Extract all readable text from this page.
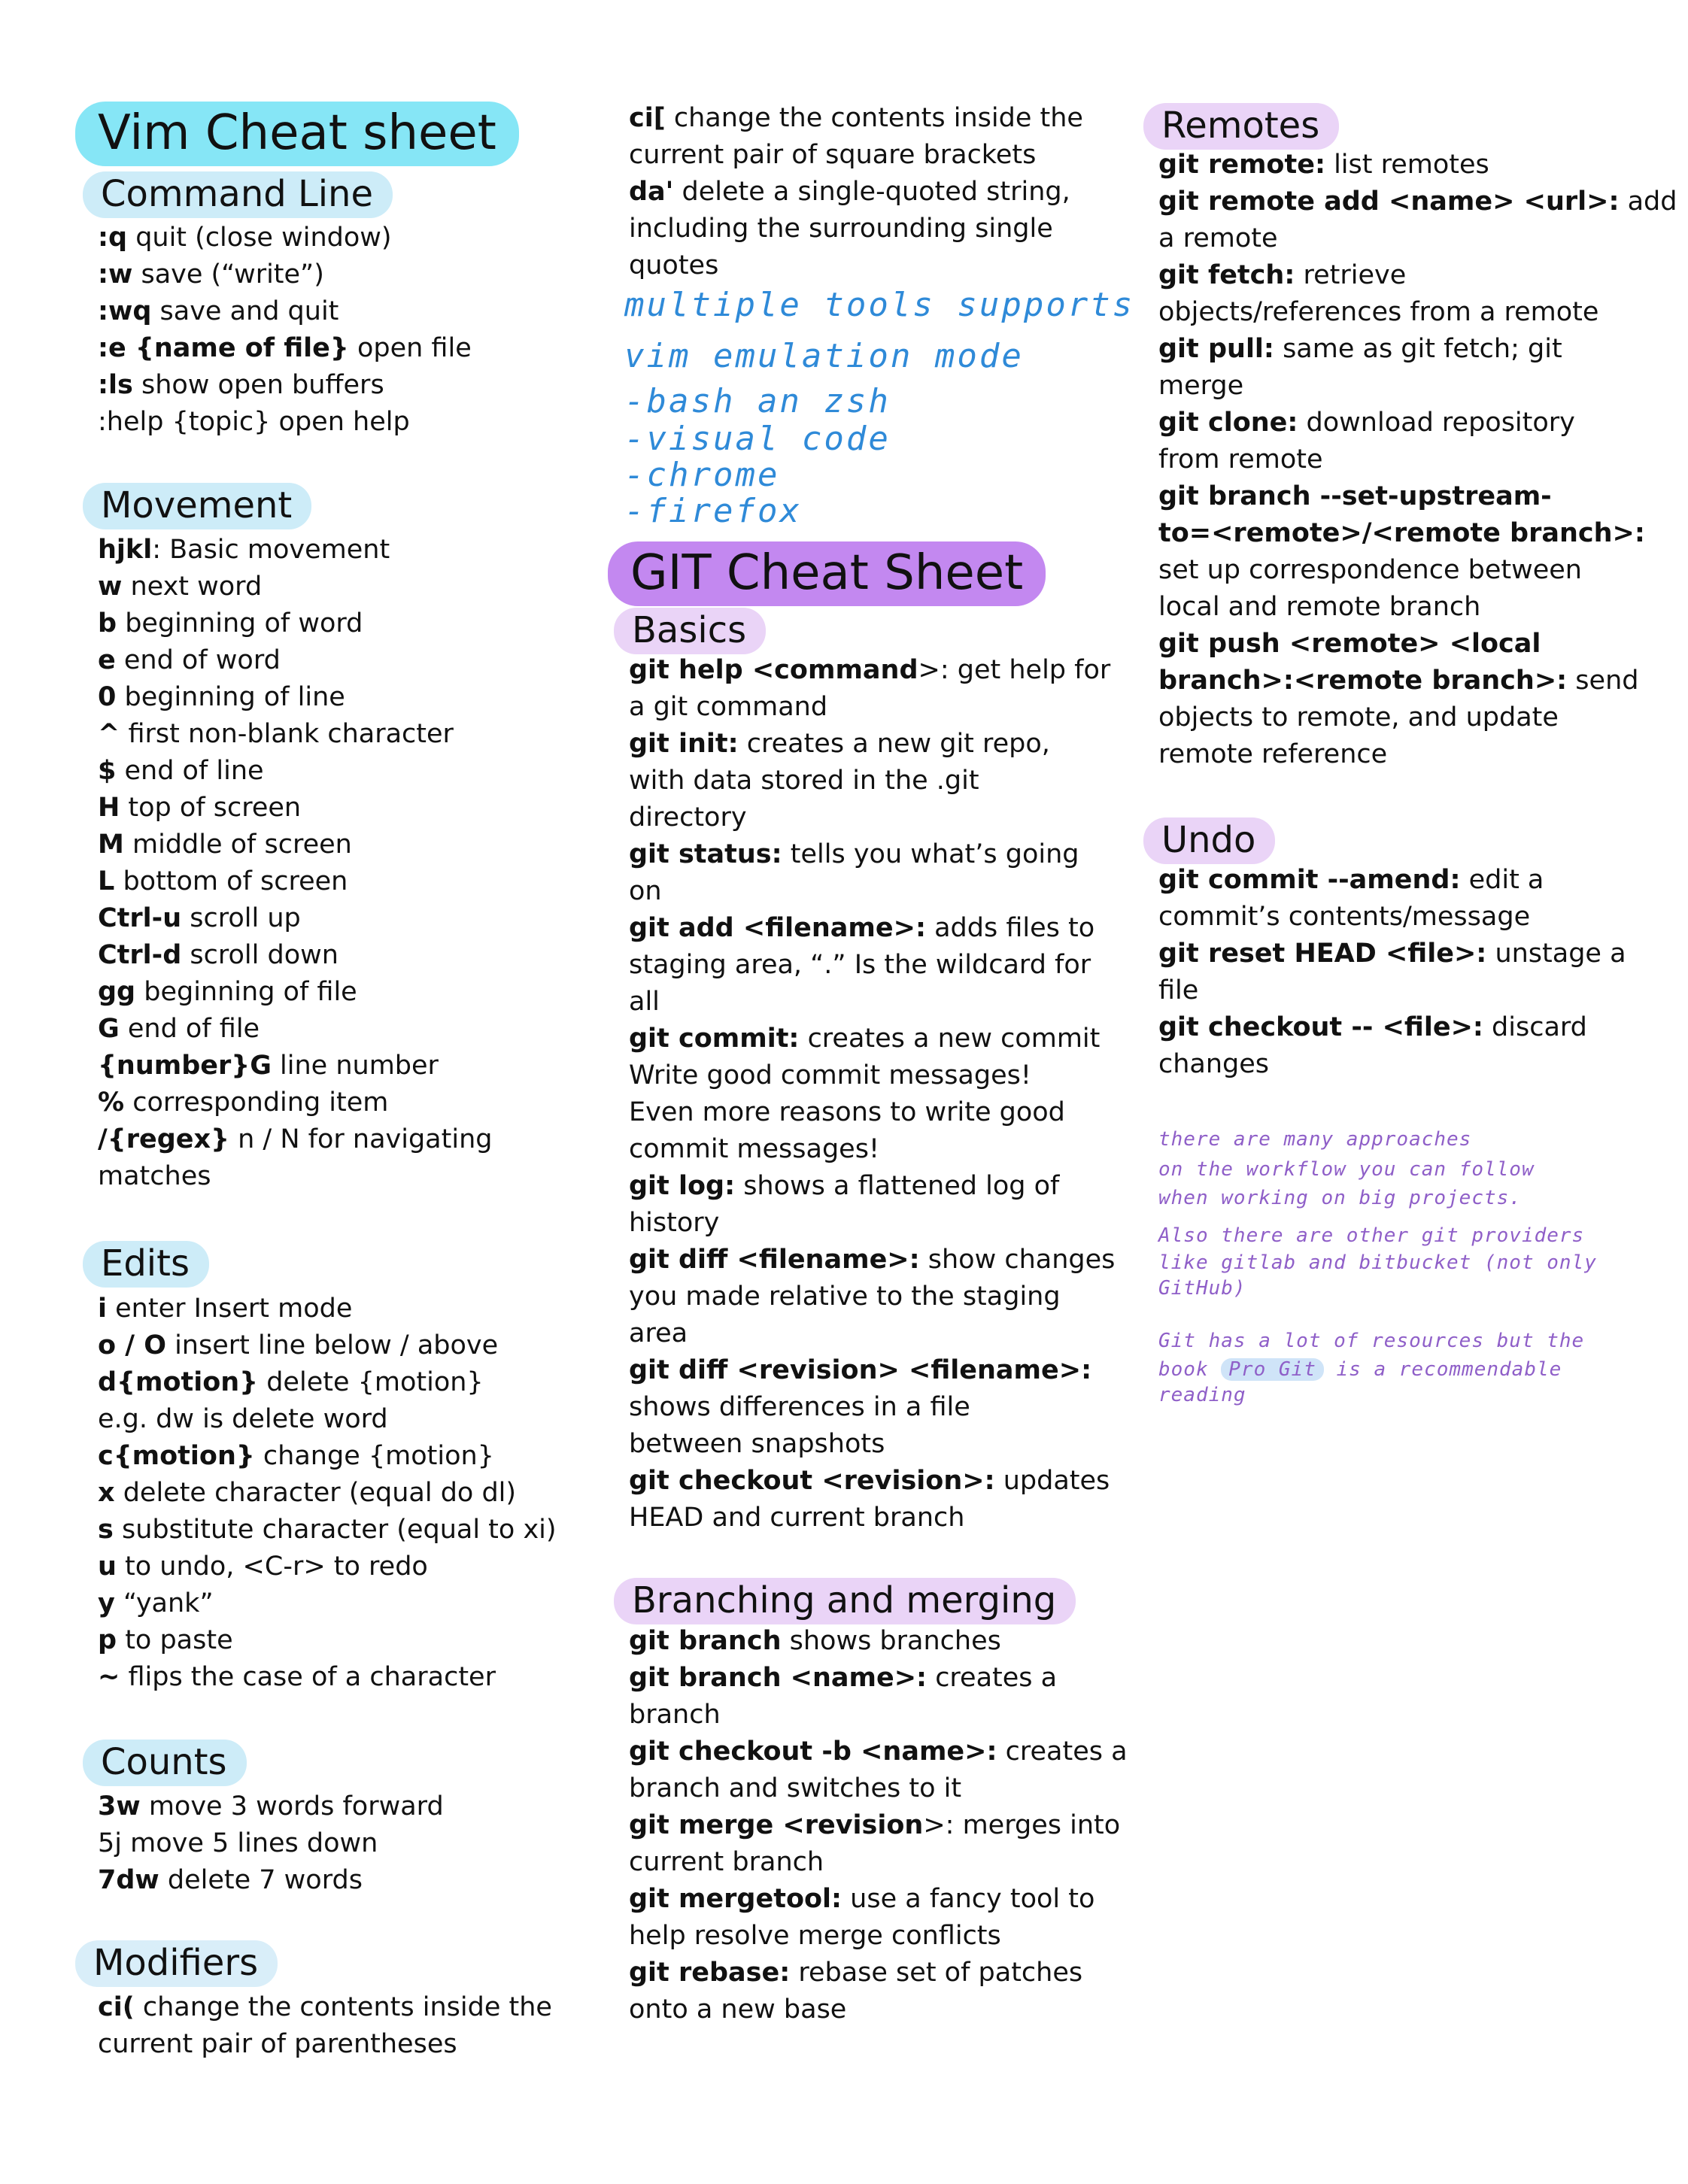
Vim Cheat sheet
Command Line
:q quit (close window)
:w save (“write”)
:wq save and quit
:e {name of file} open file
:ls show open buffers
:help {topic} open help
Movement
hjkl: Basic movement
w next word
b beginning of word
e end of word
0 beginning of line
^ first non-blank character
$ end of line
H top of screen
M middle of screen
L bottom of screen
Ctrl-u scroll up
Ctrl-d scroll down
gg beginning of file
G end of file
{number}G line number
% corresponding item
/{regex} n / N for navigating
matches
Edits
i enter Insert mode
o / O insert line below / above
d{motion} delete {motion}
e.g. dw is delete word
c{motion} change {motion}
x delete character (equal do dl)
s substitute character (equal to xi)
u to undo, <C-r> to redo
y “yank”
p to paste
~ flips the case of a character
Counts
3w move 3 words forward
5j move 5 lines down
7dw delete 7 words
Modifiers
ci( change the contents inside the
current pair of parentheses
ci[ change the contents inside the
current pair of square brackets
da' delete a single-quoted string,
including the surrounding single
quotes
multiple tools supports
vim emulation mode
-bash an zsh
-visual code
-chrome
-firefox
GIT Cheat Sheet
Basics
git help <command>: get help for
a git command
git init: creates a new git repo,
with data stored in the .git
directory
git status: tells you what’s going
on
git add <filename>: adds files to
staging area, “.” Is the wildcard for
all
git commit: creates a new commit
Write good commit messages!
Even more reasons to write good
commit messages!
git log: shows a flattened log of
history
git diff <filename>: show changes
you made relative to the staging
area
git diff <revision> <filename>:
shows differences in a file
between snapshots
git checkout <revision>: updates
HEAD and current branch
Branching and merging
git branch shows branches
git branch <name>: creates a
branch
git checkout -b <name>: creates a
branch and switches to it
git merge <revision>: merges into
current branch
git mergetool: use a fancy tool to
help resolve merge conflicts
git rebase: rebase set of patches
onto a new base
Remotes
git remote: list remotes
git remote add <name> <url>: add
a remote
git fetch: retrieve
objects/references from a remote
git pull: same as git fetch; git
merge
git clone: download repository
from remote
git branch --set-upstream-
to=<remote>/<remote branch>:
set up correspondence between
local and remote branch
git push <remote> <local
branch>:<remote branch>: send
objects to remote, and update
remote reference
Undo
git commit --amend: edit a
commit’s contents/message
git reset HEAD <file>: unstage a
file
git checkout -- <file>: discard
changes
there are many approaches
on the workflow you can follow
when working on big projects.
Also there are other git providers
like gitlab and bitbucket (not only
GitHub)
Git has a lot of resources but the
book Pro Git is a recommendable
reading
